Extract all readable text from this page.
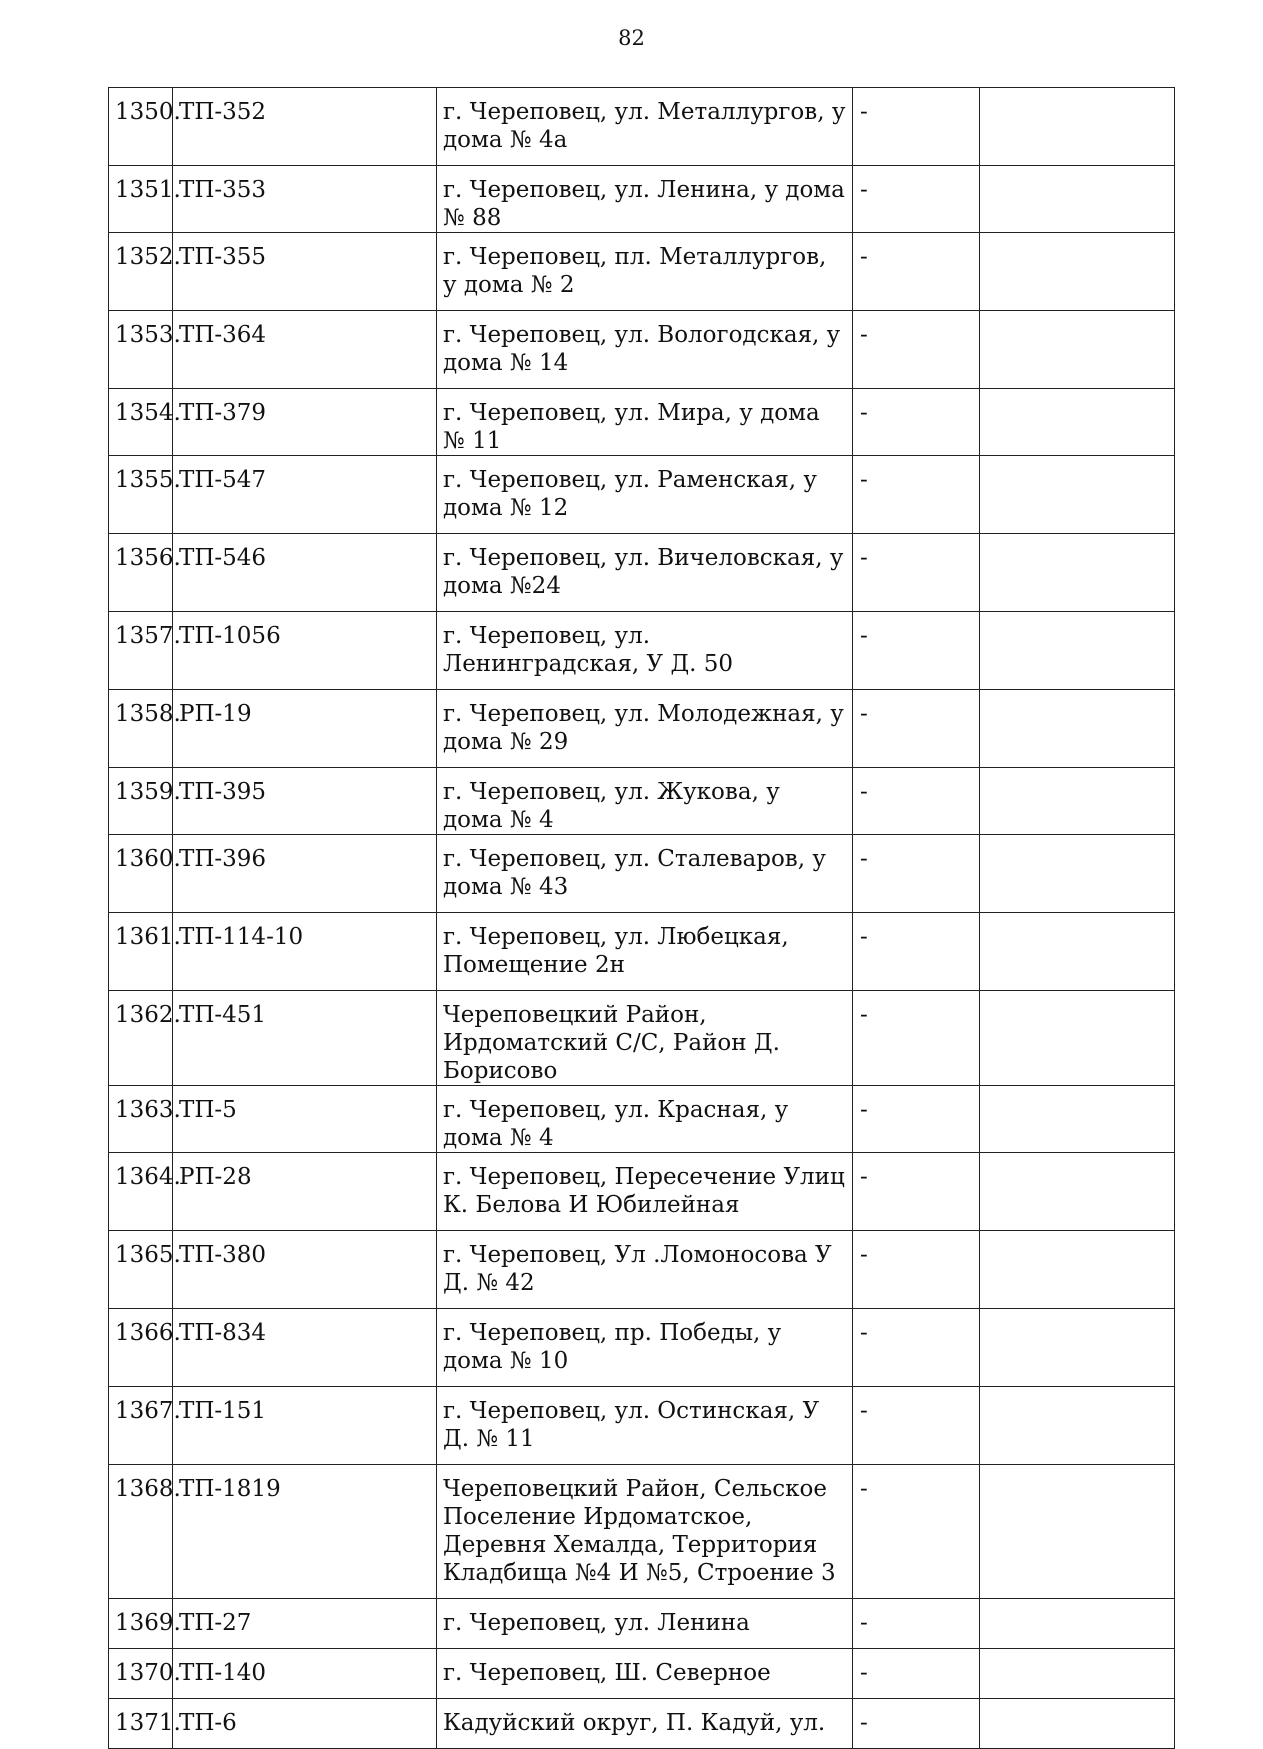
82
1350.	ТП-352	г. Череповец, ул. Металлургов, у дома № 4а	-	
1351.	ТП-353	г. Череповец, ул. Ленина, у дома № 88	-	
1352.	ТП-355	г. Череповец, пл. Металлургов, у дома № 2	-	
1353.	ТП-364	г. Череповец, ул. Вологодская, у дома № 14	-	
1354.	ТП-379	г. Череповец, ул. Мира, у дома № 11	-	
1355.	ТП-547	г. Череповец, ул. Раменская, у дома № 12	-	
1356.	ТП-546	г. Череповец, ул. Вичеловская, у дома №24	-	
1357.	ТП-1056	г. Череповец, ул. Ленинградская, У Д. 50	-	
1358.	РП-19	г. Череповец, ул. Молодежная, у дома № 29	-	
1359.	ТП-395	г. Череповец, ул. Жукова, у дома № 4	-	
1360.	ТП-396	г. Череповец, ул. Сталеваров, у дома № 43	-	
1361.	ТП-114-10	г. Череповец, ул. Любецкая, Помещение 2н	-	
1362.	ТП-451	Череповецкий Район, Ирдоматский С/С, Район Д. Борисово	-	
1363.	ТП-5	г. Череповец, ул. Красная, у дома № 4	-	
1364.	РП-28	г. Череповец, Пересечение Улиц К. Белова И Юбилейная	-	
1365.	ТП-380	г. Череповец, Ул .Ломоносова У Д. № 42	-	
1366.	ТП-834	г. Череповец, пр. Победы, у дома № 10	-	
1367.	ТП-151	г. Череповец, ул. Остинская, У Д. № 11	-	
1368.	ТП-1819	Череповецкий Район, Сельское Поселение Ирдоматское, Деревня Хемалда, Территория Кладбища №4 И №5, Строение 3	-	
1369.	ТП-27	г. Череповец, ул. Ленина	-	
1370.	ТП-140	г. Череповец, Ш. Северное	-	
1371.	ТП-6	Кадуйский округ, П. Кадуй, ул.	-	
